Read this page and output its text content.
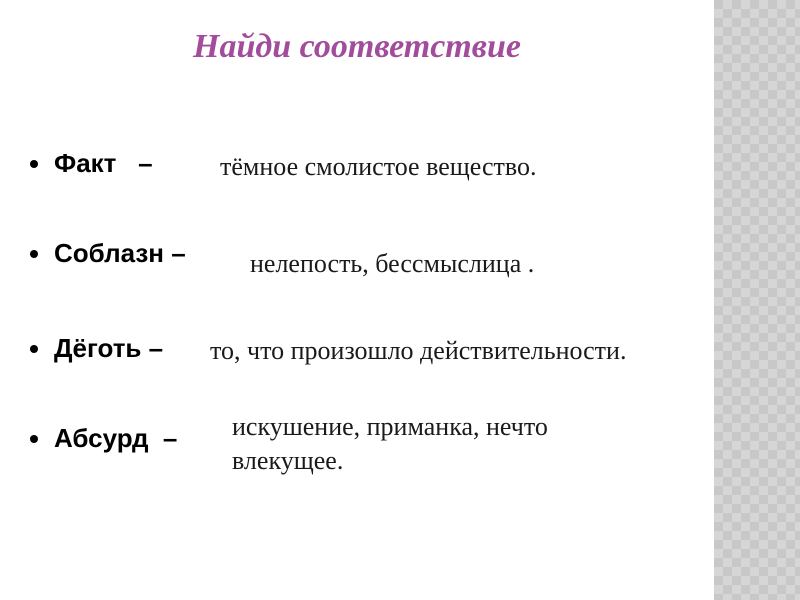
Найди соответствие
Факт   –
Соблазн –
Дёготь –
Абсурд  –
тёмное смолистое вещество.
нелепость, бессмыслица .
то, что произошло действительности.
искушение, приманка, нечто
влекущее.
